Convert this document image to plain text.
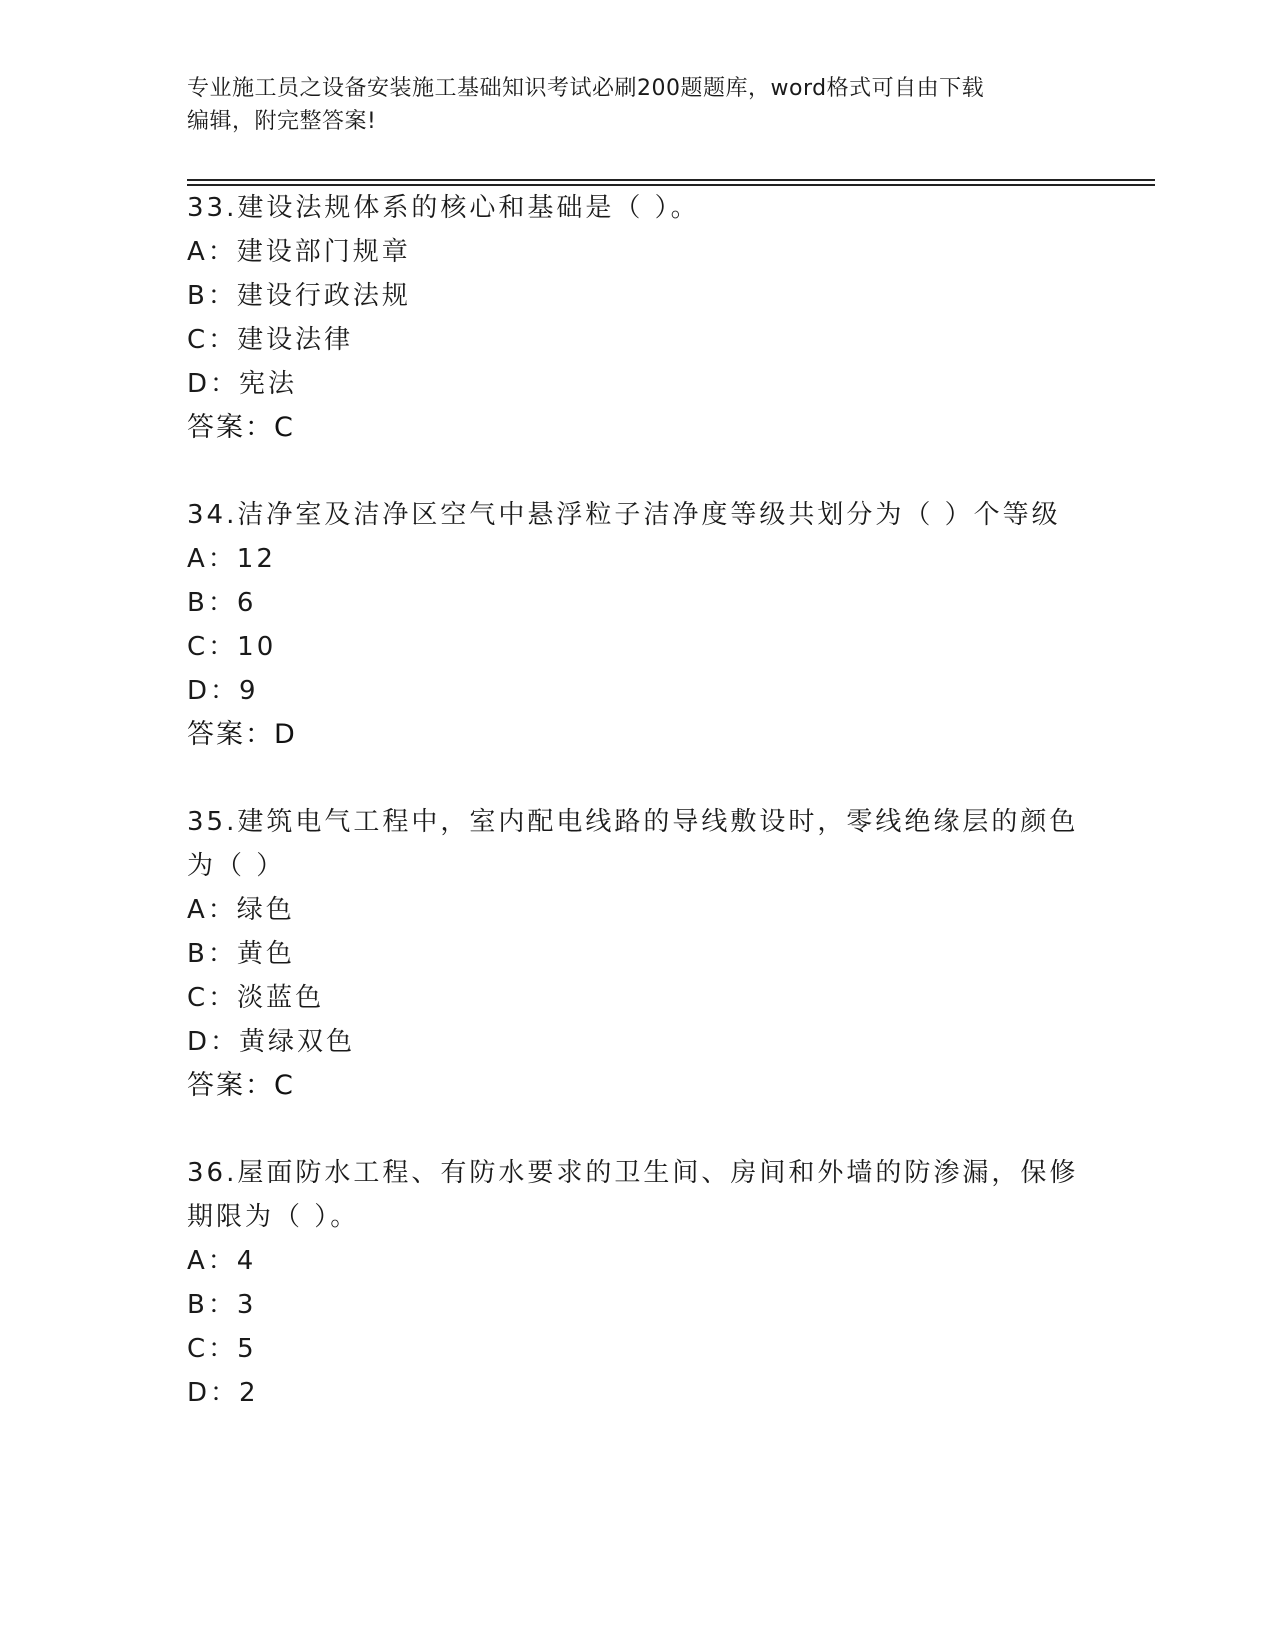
专业施工员之设备安装施工基础知识考试必刷200题题库，word格式可自由下载
编辑，附完整答案!
33.建设法规体系的核心和基础是（ ）。
A：建设部门规章
B：建设行政法规
C：建设法律
D：宪法
答案：C
34.洁净室及洁净区空气中悬浮粒子洁净度等级共划分为（ ）个等级
A：12
B：6
C：10
D：9
答案：D
35.建筑电气工程中，室内配电线路的导线敷设时，零线绝缘层的颜色
为（ ）
A：绿色
B：黄色
C：淡蓝色
D：黄绿双色
答案：C
36.屋面防水工程、有防水要求的卫生间、房间和外墙的防渗漏，保修
期限为（ ）。
A：4
B：3
C：5
D：2
